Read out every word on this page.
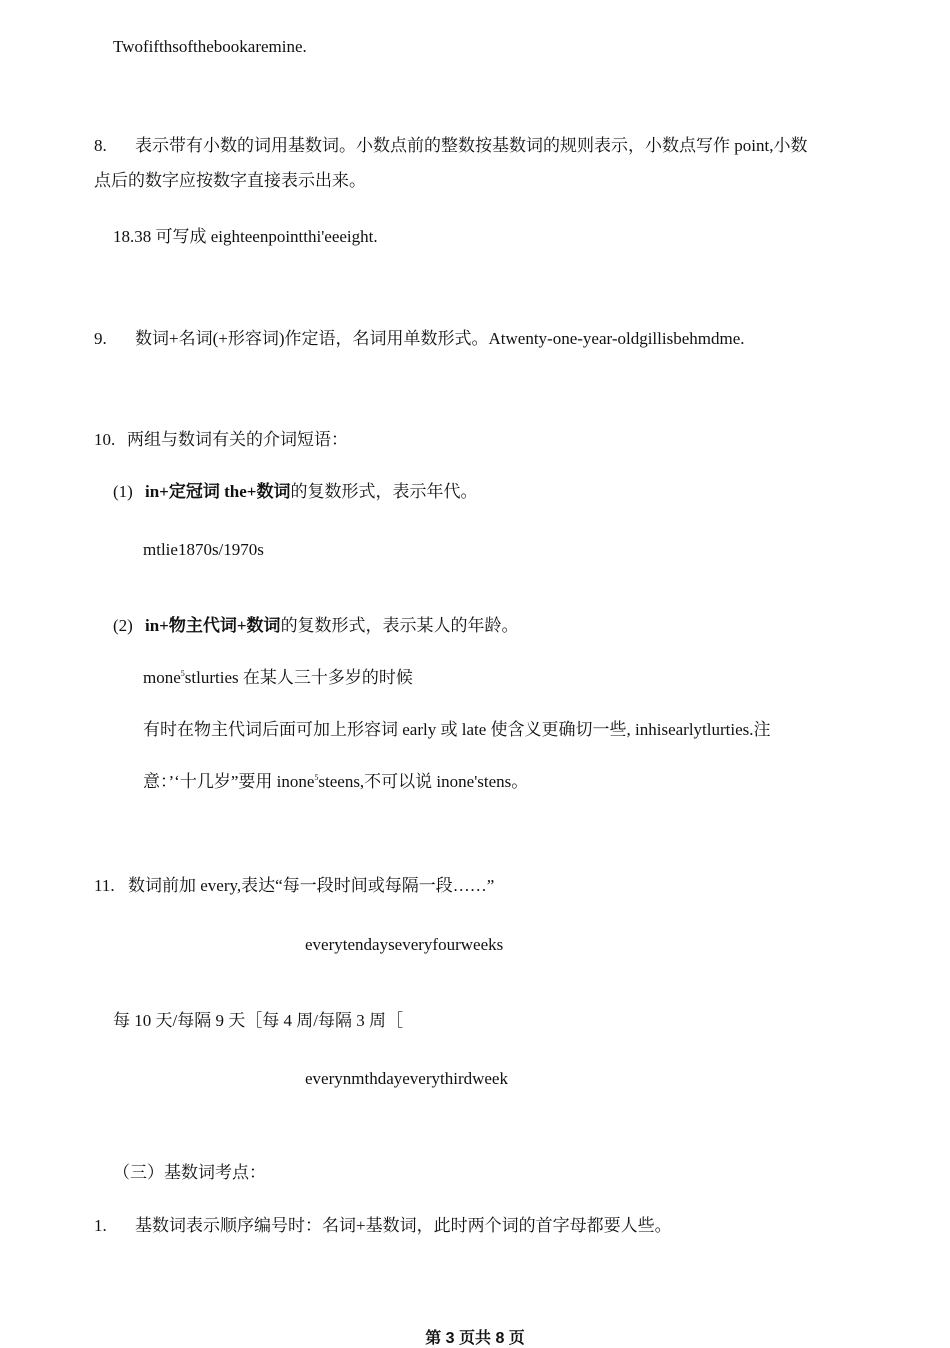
Twofifthsofthebookaremine.
8. 表示带有小数的词用基数词。小数点前的整数按基数词的规则表示，小数点写作 point,小数
点后的数字应按数字直接表示出来。
18.38 可写成 eighteenpointthi'eeeight.
9. 数词+名词(+形容词)作定语，名词用单数形式。Atwenty-one-year-oldgillisbehmdme.
10. 两组与数词有关的介词短语：
(1) in+定冠词 the+数词的复数形式，表示年代。
mtlie1870s/1970s
(2) in+物主代词+数词的复数形式，表示某人的年龄。
mone$^5$stlurties 在某人三十多岁的时候
有时在物主代词后面可加上形容词 early 或 late 使含义更确切一些, inhisearlytlurties.注
意：’‘十几岁”要用 inone$^5$steens,不可以说 inone'stens。
11. 数词前加 every,表达“每一段时间或每隔一段……”
everytendayseveryfourweeks
每 10 天/每隔 9 天［每 4 周/每隔 3 周［
everynmthdayeverythirdweek
（三）基数词考点：
1. 基数词表示顺序编号时：名词+基数词，此时两个词的首字母都要人些。
第 3 页共 8 页
